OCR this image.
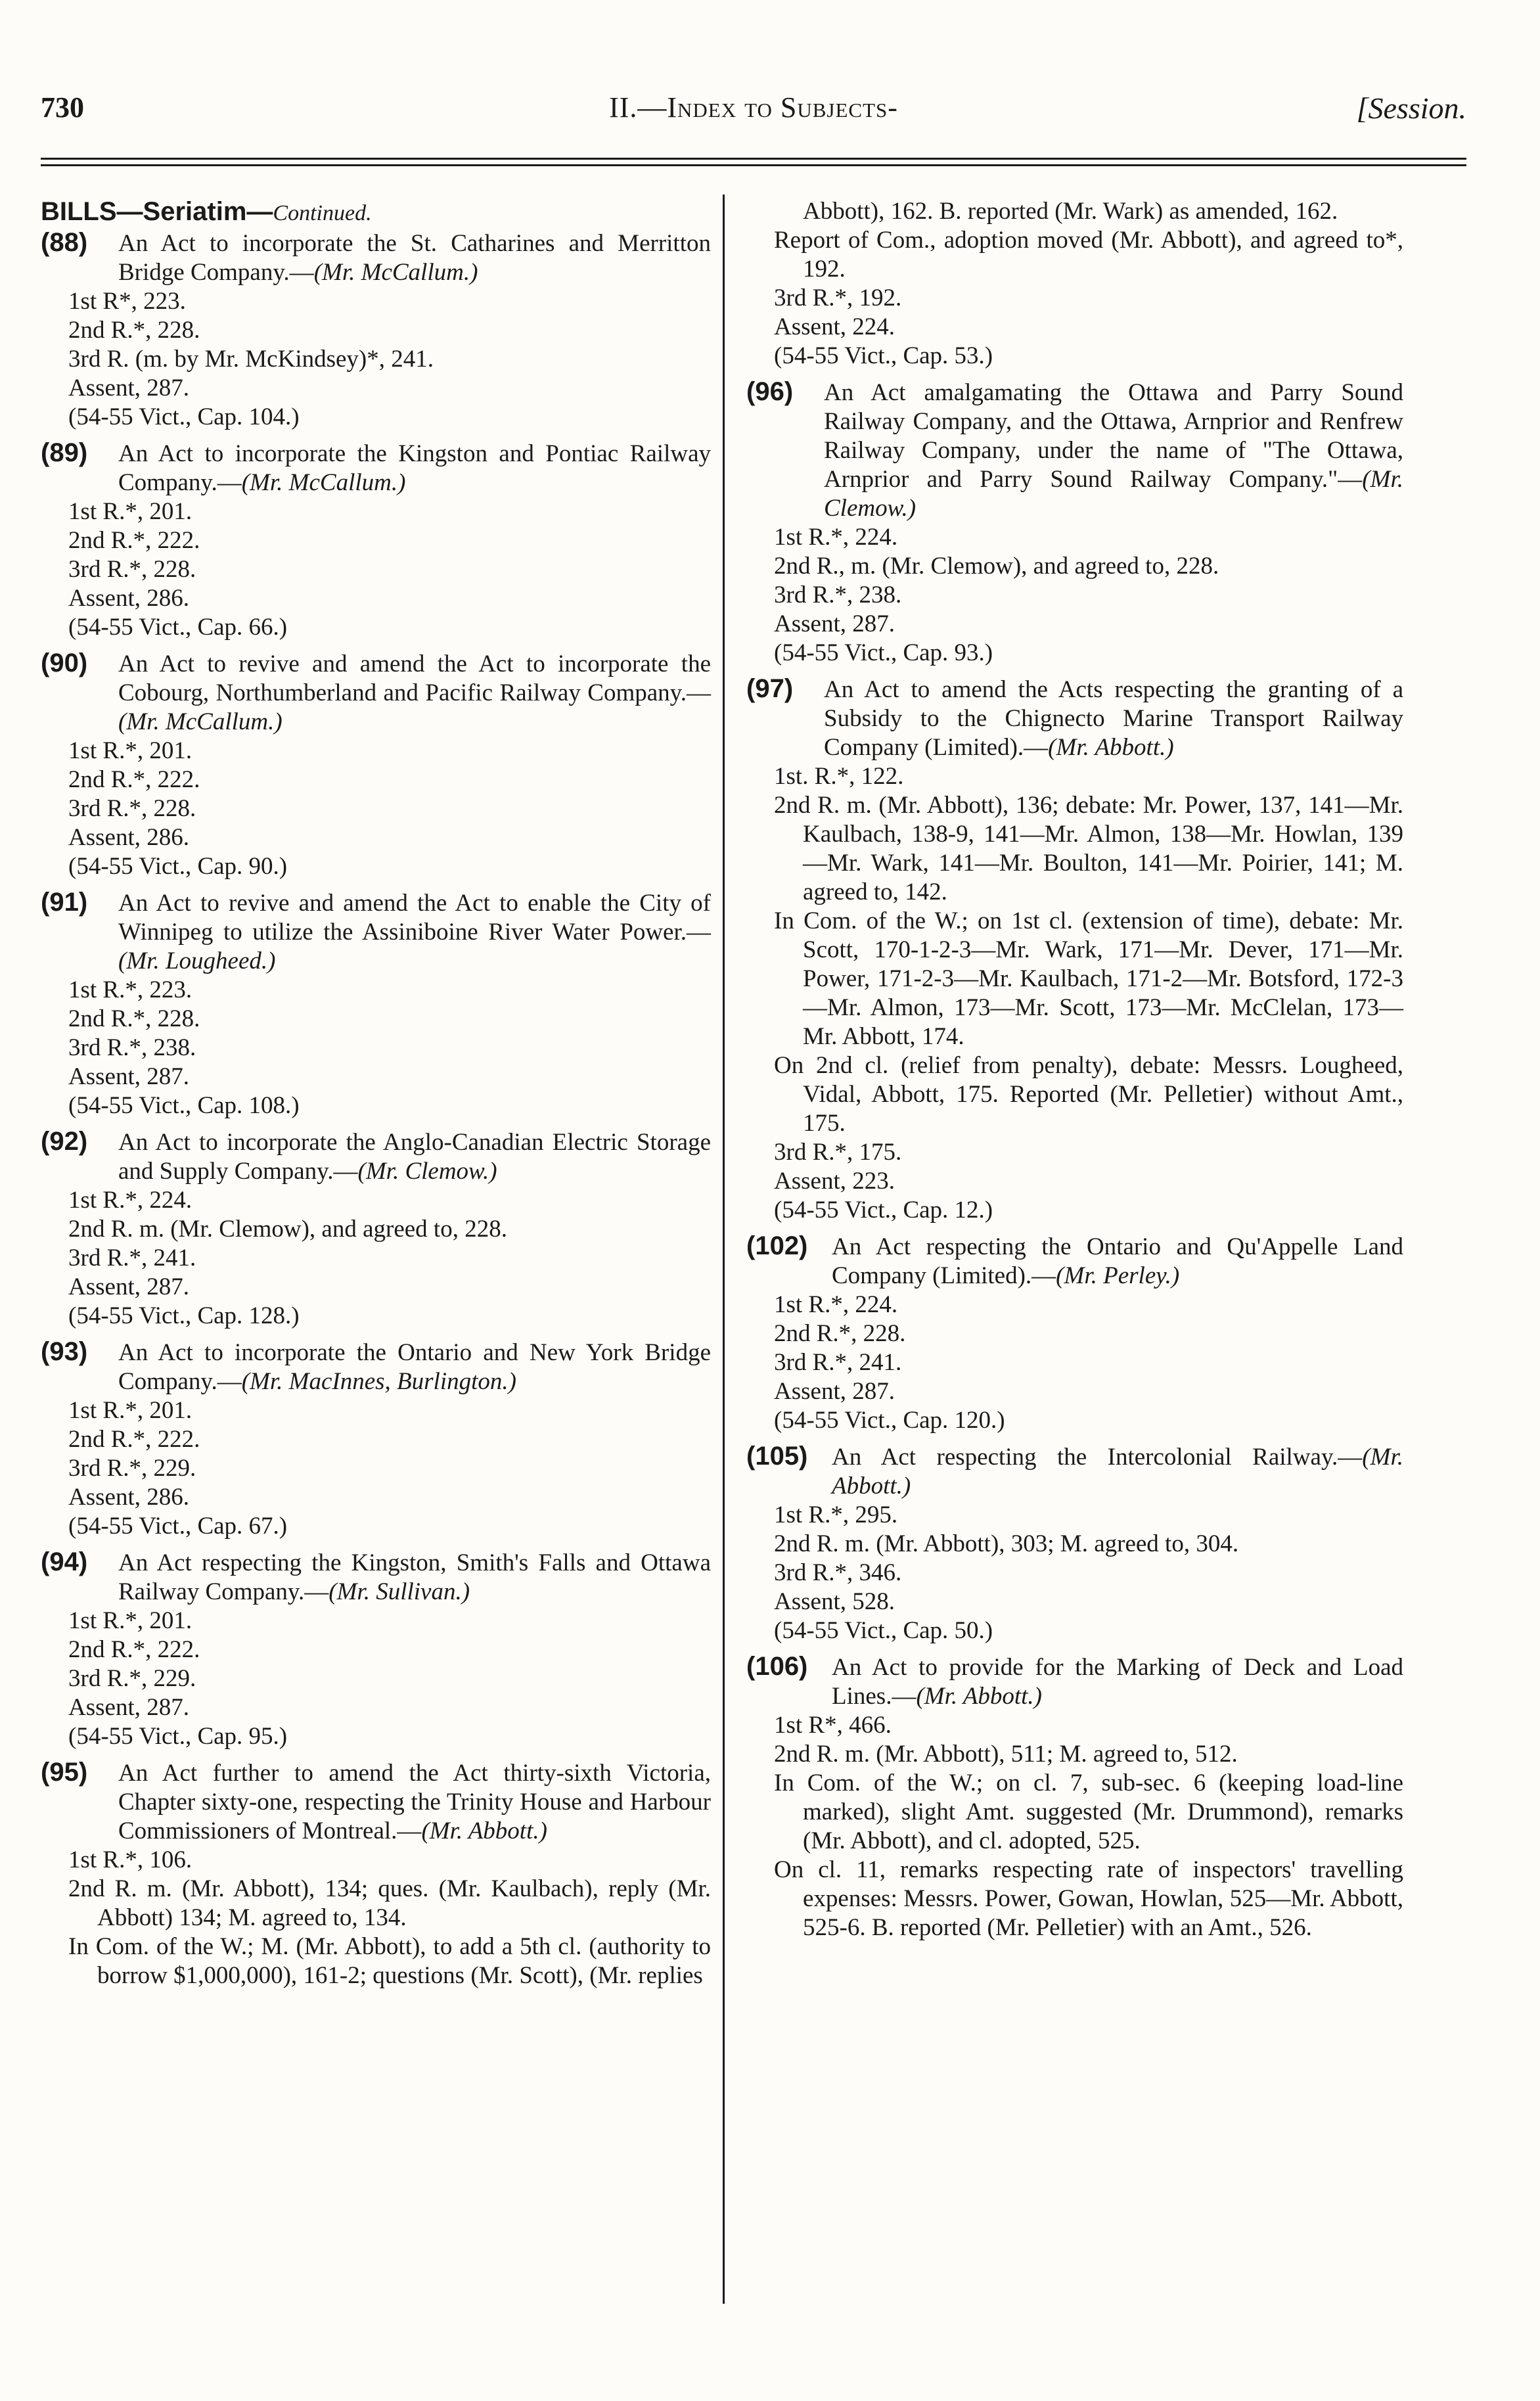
730	II.—Index to Subjects-	[Session.
BILLS—Seriatim—Continued.
(88) An Act to incorporate the St. Catharines and Merritton Bridge Company.—(Mr. McCallum.)
1st R*, 223.
2nd R.*, 228.
3rd R. (m. by Mr. McKindsey)*, 241.
Assent, 287.
(54-55 Vict., Cap. 104.)
(89) An Act to incorporate the Kingston and Pontiac Railway Company.—(Mr. McCallum.)
1st R.*, 201.
2nd R.*, 222.
3rd R.*, 228.
Assent, 286.
(54-55 Vict., Cap. 66.)
(90) An Act to revive and amend the Act to incorporate the Cobourg, Northumberland and Pacific Railway Company.—(Mr. McCallum.)
1st R.*, 201.
2nd R.*, 222.
3rd R.*, 228.
Assent, 286.
(54-55 Vict., Cap. 90.)
(91) An Act to revive and amend the Act to enable the City of Winnipeg to utilize the Assiniboine River Water Power.—(Mr. Lougheed.)
1st R.*, 223.
2nd R.*, 228.
3rd R.*, 238.
Assent, 287.
(54-55 Vict., Cap. 108.)
(92) An Act to incorporate the Anglo-Canadian Electric Storage and Supply Company.—(Mr. Clemow.)
1st R.*, 224.
2nd R. m. (Mr. Clemow), and agreed to, 228.
3rd R.*, 241.
Assent, 287.
(54-55 Vict., Cap. 128.)
(93) An Act to incorporate the Ontario and New York Bridge Company.—(Mr. MacInnes, Burlington.)
1st R.*, 201.
2nd R.*, 222.
3rd R.*, 229.
Assent, 286.
(54-55 Vict., Cap. 67.)
(94) An Act respecting the Kingston, Smith's Falls and Ottawa Railway Company.—(Mr. Sullivan.)
1st R.*, 201.
2nd R.*, 222.
3rd R.*, 229.
Assent, 287.
(54-55 Vict., Cap. 95.)
(95) An Act further to amend the Act thirty-sixth Victoria, Chapter sixty-one, respecting the Trinity House and Harbour Commissioners of Montreal.—(Mr. Abbott.)
1st R.*, 106.
2nd R. m. (Mr. Abbott), 134; ques. (Mr. Kaulbach), reply (Mr. Abbott) 134; M. agreed to, 134.
In Com. of the W.; M. (Mr. Abbott), to add a 5th cl. (authority to borrow $1,000,000), 161-2; questions (Mr. Scott), (Mr. replies
Abbott), 162. B. reported (Mr. Wark) as amended, 162.
Report of Com., adoption moved (Mr. Abbott), and agreed to*, 192.
3rd R.*, 192.
Assent, 224.
(54-55 Vict., Cap. 53.)
(96) An Act amalgamating the Ottawa and Parry Sound Railway Company, and the Ottawa, Arnprior and Renfrew Railway Company, under the name of "The Ottawa, Arnprior and Parry Sound Railway Company."—(Mr. Clemow.)
1st R.*, 224.
2nd R., m. (Mr. Clemow), and agreed to, 228.
3rd R.*, 238.
Assent, 287.
(54-55 Vict., Cap. 93.)
(97) An Act to amend the Acts respecting the granting of a Subsidy to the Chignecto Marine Transport Railway Company (Limited).—(Mr. Abbott.)
1st. R.*, 122.
2nd R. m. (Mr. Abbott), 136; debate: Mr. Power, 137, 141—Mr. Kaulbach, 138-9, 141—Mr. Almon, 138—Mr. Howlan, 139—Mr. Wark, 141—Mr. Boulton, 141—Mr. Poirier, 141; M. agreed to, 142.
In Com. of the W.; on 1st cl. (extension of time), debate: Mr. Scott, 170-1-2-3—Mr. Wark, 171—Mr. Dever, 171—Mr. Power, 171-2-3—Mr. Kaulbach, 171-2—Mr. Botsford, 172-3—Mr. Almon, 173—Mr. Scott, 173—Mr. McClelan, 173—Mr. Abbott, 174.
On 2nd cl. (relief from penalty), debate: Messrs. Lougheed, Vidal, Abbott, 175. Reported (Mr. Pelletier) without Amt., 175.
3rd R.*, 175.
Assent, 223.
(54-55 Vict., Cap. 12.)
(102) An Act respecting the Ontario and Qu'Appelle Land Company (Limited).—(Mr. Perley.)
1st R.*, 224.
2nd R.*, 228.
3rd R.*, 241.
Assent, 287.
(54-55 Vict., Cap. 120.)
(105) An Act respecting the Intercolonial Railway.—(Mr. Abbott.)
1st R.*, 295.
2nd R. m. (Mr. Abbott), 303; M. agreed to, 304.
3rd R.*, 346.
Assent, 528.
(54-55 Vict., Cap. 50.)
(106) An Act to provide for the Marking of Deck and Load Lines.—(Mr. Abbott.)
1st R*, 466.
2nd R. m. (Mr. Abbott), 511; M. agreed to, 512.
In Com. of the W.; on cl. 7, sub-sec. 6 (keeping load-line marked), slight Amt. suggested (Mr. Drummond), remarks (Mr. Abbott), and cl. adopted, 525.
On cl. 11, remarks respecting rate of inspectors' travelling expenses: Messrs. Power, Gowan, Howlan, 525—Mr. Abbott, 525-6. B. reported (Mr. Pelletier) with an Amt., 526.
